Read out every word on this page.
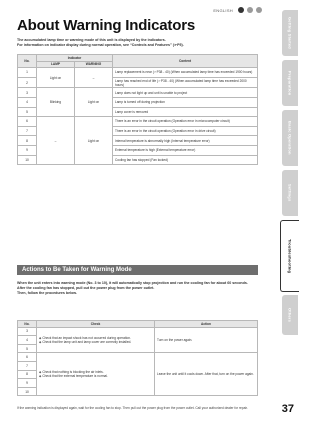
ENGLISH
About Warning Indicators
The accumulated lamp time or warning mode of this unit is displayed by the indicators.
For information on indicator display during normal operation, see “Controls and Features” (☞P5).
No.	Indicator		Content
	LAMP	WARNING	
1	Light on	–	Lamp replacement is near (☞P38 - 40) (When accumulated lamp time has exceeded 1900 hours)
2			Lamp has reached end of life (☞P38 - 40) (When accumulated lamp time has exceeded 2000 hours)
3	Blinking	Light on	Lamp does not light up and unit is unable to project
4			Lamp is turned off during projection
5			Lamp cover is removed
6	–	Light on	There is an error in the circuit operation (Operation error in microcomputer circuit)
7			There is an error in the circuit operation (Operation error in drive circuit)
8			Internal temperature is abnormally high (Internal temperature error)
9			External temperature is high (External temperature error)
10			Cooling fan has stopped (Fan locked)
Actions to Be Taken for Warning Mode
When the unit enters into warning mode (No. 3 to 10), it will automatically stop projection and run the cooling fan for about 60 seconds.
After the cooling fan has stopped, pull out the power plug from the power outlet.
Then, follow the procedures below.
No.	Check	Action
3	◆ Check that an impact shock has not occurred during operation.
◆ Check that the lamp unit and lamp cover are correctly installed.	Turn on the power again.
4		
5		
6	◆ Check that nothing is blocking the air inlets.
◆ Check that the external temperature is normal.	Leave the unit until it cools down. After that, turn on the power again.
7		
8		
9		
10		
If the warning indication is displayed again, wait for the cooling fan to stop. Then pull out the power plug from the power outlet. Call your authorized dealer for repair.
Getting Started
Preparation
Basic Operation
Settings
Troubleshooting
Others
37
